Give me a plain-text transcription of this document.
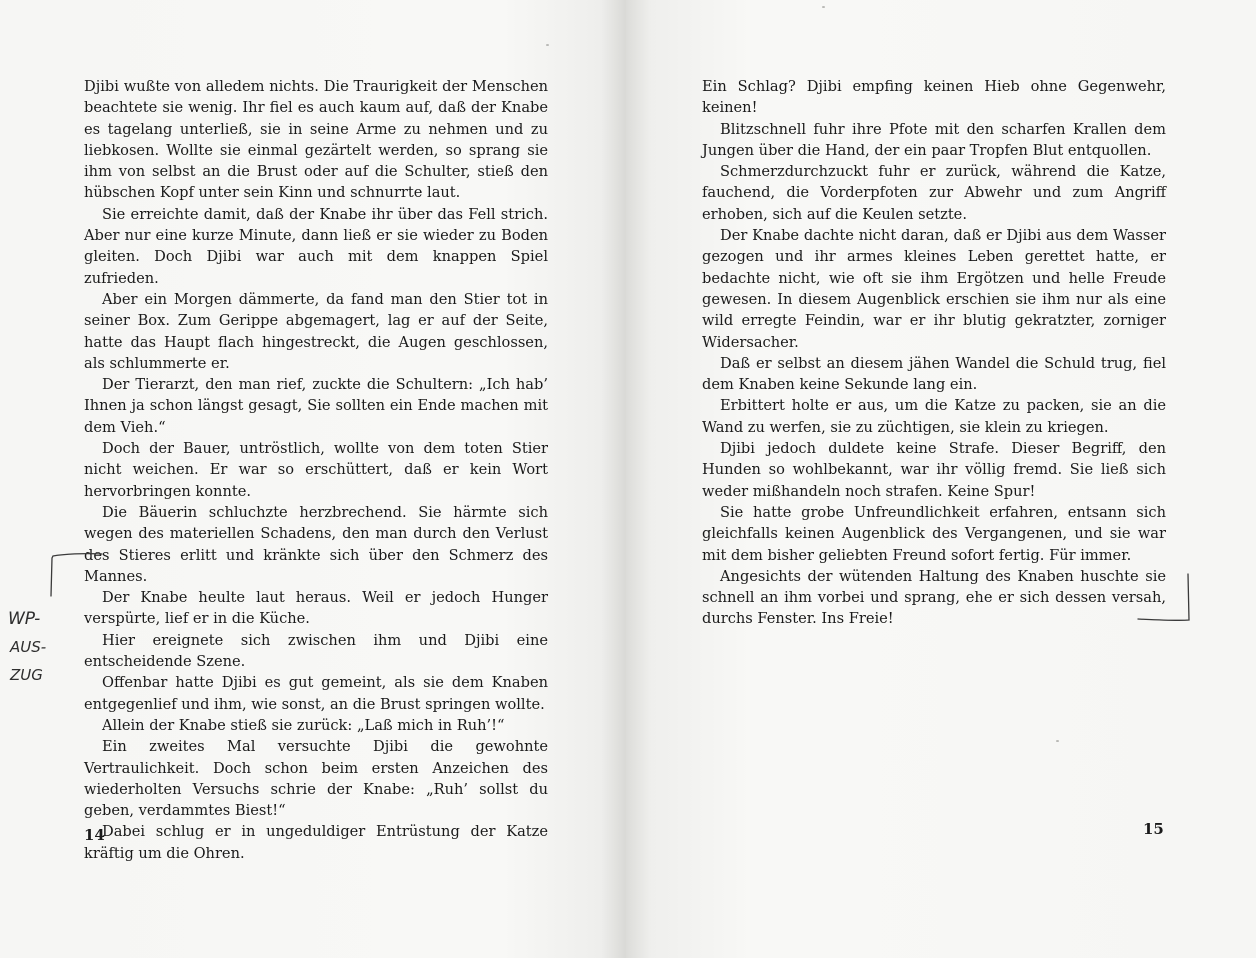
Djibi wußte von alledem nichts. Die Traurigkeit der Menschen beachtete sie wenig. Ihr fiel es auch kaum auf, daß der Knabe es tagelang unterließ, sie in seine Arme zu nehmen und zu liebkosen. Wollte sie einmal gezärtelt werden, so sprang sie ihm von selbst an die Brust oder auf die Schulter, stieß den hübschen Kopf unter sein Kinn und schnurrte laut.

Sie erreichte damit, daß der Knabe ihr über das Fell strich. Aber nur eine kurze Minute, dann ließ er sie wieder zu Boden gleiten. Doch Djibi war auch mit dem knappen Spiel zufrieden.

Aber ein Morgen dämmerte, da fand man den Stier tot in seiner Box. Zum Gerippe abgemagert, lag er auf der Seite, hatte das Haupt flach hingestreckt, die Augen geschlossen, als schlummerte er.

Der Tierarzt, den man rief, zuckte die Schultern: „Ich hab’ Ihnen ja schon längst gesagt, Sie sollten ein Ende machen mit dem Vieh.“

Doch der Bauer, untröstlich, wollte von dem toten Stier nicht weichen. Er war so erschüttert, daß er kein Wort hervorbringen konnte.

Die Bäuerin schluchzte herzbrechend. Sie härmte sich wegen des materiellen Schadens, den man durch den Verlust des Stieres erlitt und kränkte sich über den Schmerz des Mannes.

Der Knabe heulte laut heraus. Weil er jedoch Hunger verspürte, lief er in die Küche.

Hier ereignete sich zwischen ihm und Djibi eine entscheidende Szene.

Offenbar hatte Djibi es gut gemeint, als sie dem Knaben entgegenlief und ihm, wie sonst, an die Brust springen wollte.

Allein der Knabe stieß sie zurück: „Laß mich in Ruh’!“

Ein zweites Mal versuchte Djibi die gewohnte Vertraulichkeit. Doch schon beim ersten Anzeichen des wiederholten Versuchs schrie der Knabe: „Ruh’ sollst du geben, verdammtes Biest!“

Dabei schlug er in ungeduldiger Entrüstung der Katze kräftig um die Ohren.

14
WP-
AUS-
ZUG

Ein Schlag? Djibi empfing keinen Hieb ohne Gegenwehr, keinen!

Blitzschnell fuhr ihre Pfote mit den scharfen Krallen dem Jungen über die Hand, der ein paar Tropfen Blut entquollen.

Schmerzdurchzuckt fuhr er zurück, während die Katze, fauchend, die Vorderpfoten zur Abwehr und zum Angriff erhoben, sich auf die Keulen setzte.

Der Knabe dachte nicht daran, daß er Djibi aus dem Wasser gezogen und ihr armes kleines Leben gerettet hatte, er bedachte nicht, wie oft sie ihm Ergötzen und helle Freude gewesen. In diesem Augenblick erschien sie ihm nur als eine wild erregte Feindin, war er ihr blutig gekratzter, zorniger Widersacher.

Daß er selbst an diesem jähen Wandel die Schuld trug, fiel dem Knaben keine Sekunde lang ein.

Erbittert holte er aus, um die Katze zu packen, sie an die Wand zu werfen, sie zu züchtigen, sie klein zu kriegen.

Djibi jedoch duldete keine Strafe. Dieser Begriff, den Hunden so wohlbekannt, war ihr völlig fremd. Sie ließ sich weder mißhandeln noch strafen. Keine Spur!

Sie hatte grobe Unfreundlichkeit erfahren, entsann sich gleichfalls keinen Augenblick des Vergangenen, und sie war mit dem bisher geliebten Freund sofort fertig. Für immer.

Angesichts der wütenden Haltung des Knaben huschte sie schnell an ihm vorbei und sprang, ehe er sich dessen versah, durchs Fenster. Ins Freie!

15
